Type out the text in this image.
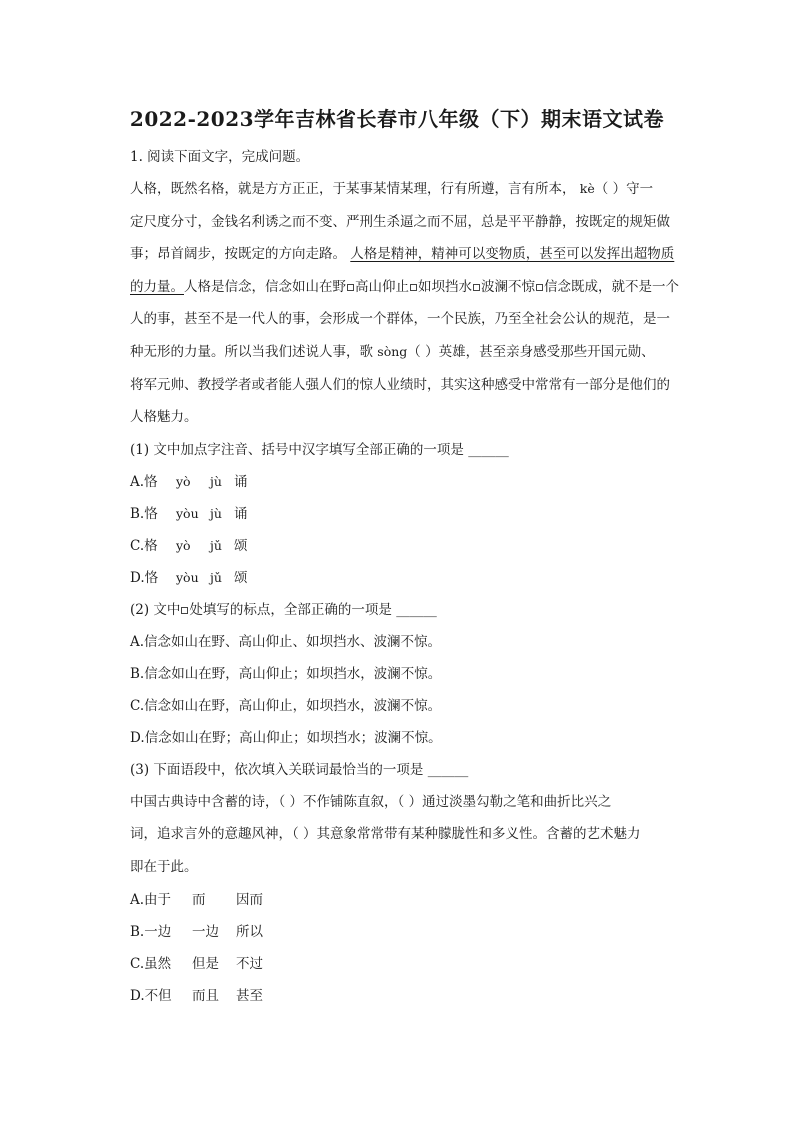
2022-2023学年吉林省长春市八年级（下）期末语文试卷
1. 阅读下面文字，完成问题。
人格，既然名格，就是方方正正，于某事某情某理，行有所遵，言有所本， kè（ ）守一
定尺度分寸，金钱名利诱之而不变、严刑生杀逼之而不屈，总是平平静静，按既定的规矩做
事；昂首阔步，按既定的方向走路。 人格是精神，精神可以变物质，甚至可以发挥出超物质
的力量。人格是信念，信念如山在野 高山仰止 如坝挡水 波澜不惊 信念既成，就不是一个
人的事，甚至不是一代人的事，会形成一个群体，一个民族，乃至全社会公认的规范，是一
种无形的力量。所以当我们述说人事，歌 sòng（ ）英雄，甚至亲身感受那些开国元勋、
将军元帅、教授学者或者能人强人们的惊人业绩时，其实这种感受中常常有一部分是他们的
人格魅力。
(1) 文中加点字注音、括号中汉字填写全部正确的一项是 ______
A.恪 yò jù 诵
B.恪 yòu jù 诵
C.格 yò jǔ 颂
D.恪 yòu jǔ 颂
(2) 文中 处填写的标点，全部正确的一项是 ______
A.信念如山在野、高山仰止、如坝挡水、波澜不惊。
B.信念如山在野，高山仰止；如坝挡水，波澜不惊。
C.信念如山在野，高山仰止，如坝挡水，波澜不惊。
D.信念如山在野；高山仰止；如坝挡水；波澜不惊。
(3) 下面语段中，依次填入关联词最恰当的一项是 ______
中国古典诗中含蓄的诗，（ ）不作铺陈直叙，（ ）通过淡墨勾勒之笔和曲折比兴之
词，追求言外的意趣风神，（ ）其意象常常带有某种朦胧性和多义性。含蓄的艺术魅力
即在于此。
A.由于 而 因而
B.一边 一边 所以
C.虽然 但是 不过
D.不但 而且 甚至
